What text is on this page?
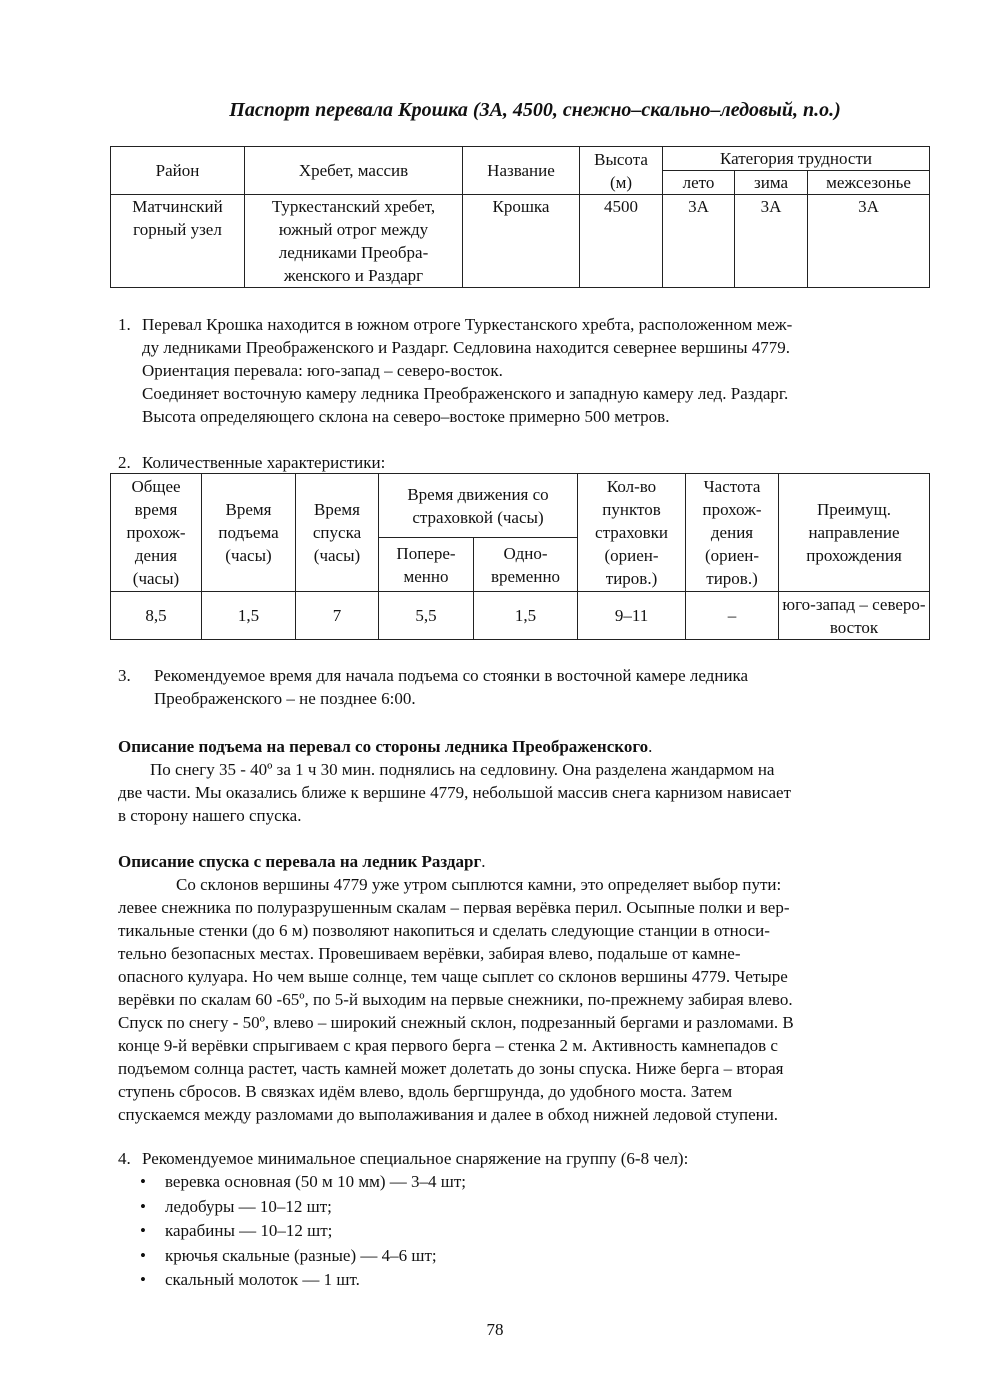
Паспорт перевала Крошка (3А, 4500, снежно–скально–ледовый, п.о.)
Район	Хребет, массив	Название	Высота (м)	Категория трудности		
				лето	зима	межсезонье
Матчинский горный узел	Туркестанский хребет, южный отрог между ледниками Преобра-женского и Раздарг	Крошка	4500	3А	3А	3А
1. Перевал Крошка находится в южном отроге Туркестанского хребта, расположенном меж-
ду ледниками Преображенского и Раздарг. Седловина находится севернее вершины 4779.
Ориентация перевала: юго-запад – северо-восток.
Соединяет восточную камеру ледника Преображенского и западную камеру лед. Раздарг.
Высота определяющего склона на северо–востоке примерно 500 метров.
2. Количественные характеристики:
Общее время прохож-дения (часы)	Время подъема (часы)	Время спуска (часы)	Время движения со страховкой (часы)		Кол-во пунктов страховки (ориен-тиров.)	Частота прохож-дения (ориен-тиров.)	Преимущ. направление прохождения
			Попере-менно	Одно-временно			
8,5	1,5	7	5,5	1,5	9–11	–	юго-запад – северо-восток
3. Рекомендуемое время для начала подъема со стоянки в восточной камере ледника
Преображенского – не позднее 6:00.
Описание подъема на перевал со стороны ледника Преображенского.
По снегу 35 - 40º за 1 ч 30 мин. поднялись на седловину. Она разделена жандармом на
две части. Мы оказались ближе к вершине 4779, небольшой массив снега карнизом нависает
в сторону нашего спуска.
Описание спуска с перевала на ледник Раздарг.
Со склонов вершины 4779 уже утром сыплются камни, это определяет выбор пути:
левее снежника по полуразрушенным скалам – первая верёвка перил. Осыпные полки и вер-
тикальные стенки (до 6 м) позволяют накопиться и сделать следующие станции в относи-
тельно безопасных местах. Провешиваем верёвки, забирая влево, подальше от камне-
опасного кулуара. Но чем выше солнце, тем чаще сыплет со склонов вершины 4779. Четыре
верёвки по скалам 60 -65º, по 5-й выходим на первые снежники, по-прежнему забирая влево.
Спуск по снегу - 50º, влево – широкий снежный склон, подрезанный бергами и разломами. В
конце 9-й верёвки спрыгиваем с края первого берга – стенка 2 м. Активность камнепадов с
подъемом солнца растет, часть камней может долетать до зоны спуска. Ниже берга – вторая
ступень сбросов. В связках идём влево, вдоль бергшрунда, до удобного моста. Затем
спускаемся между разломами до выполаживания и далее в обход нижней ледовой ступени.
4. Рекомендуемое минимальное специальное снаряжение на группу (6-8 чел):
• веревка основная (50 м 10 мм) — 3–4 шт;
• ледобуры — 10–12 шт;
• карабины — 10–12 шт;
• крючья скальные (разные) — 4–6 шт;
• скальный молоток — 1 шт.
78
